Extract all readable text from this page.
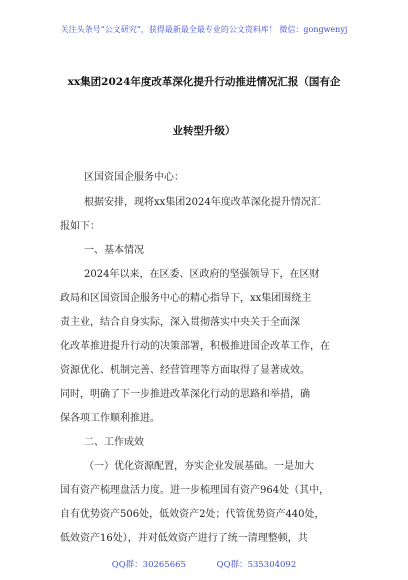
关注头条号“公文研究”，获得最新最全最专业的公文资料库！ 微信：gongwenyj
xx集团2024年度改革深化提升行动推进情况汇报（国有企
业转型升级）
区国资国企服务中心：
根据安排，现将xx集团2024年度改革深化提升情况汇
报如下：
一、基本情况
2024年以来，在区委、区政府的坚强领导下，在区财
政局和区国资国企服务中心的精心指导下，xx集团围绕主
责主业，结合自身实际，深入贯彻落实中央关于全面深
化改革推进提升行动的决策部署，积极推进国企改革工作，在
资源优化、机制完善、经营管理等方面取得了显著成效。
同时，明确了下一步推进改革深化行动的思路和举措，确
保各项工作顺利推进。
二、工作成效
（一）优化资源配置，夯实企业发展基础。一是加大
国有资产梳理盘活力度。进一步梳理国有资产964处（其中，
自有优势资产506处，低效资产2处；代管优势资产440处，
低效资产16处），并对低效资产进行了统一清理整顿，共
QQ群：30265665	QQ群：535304092
